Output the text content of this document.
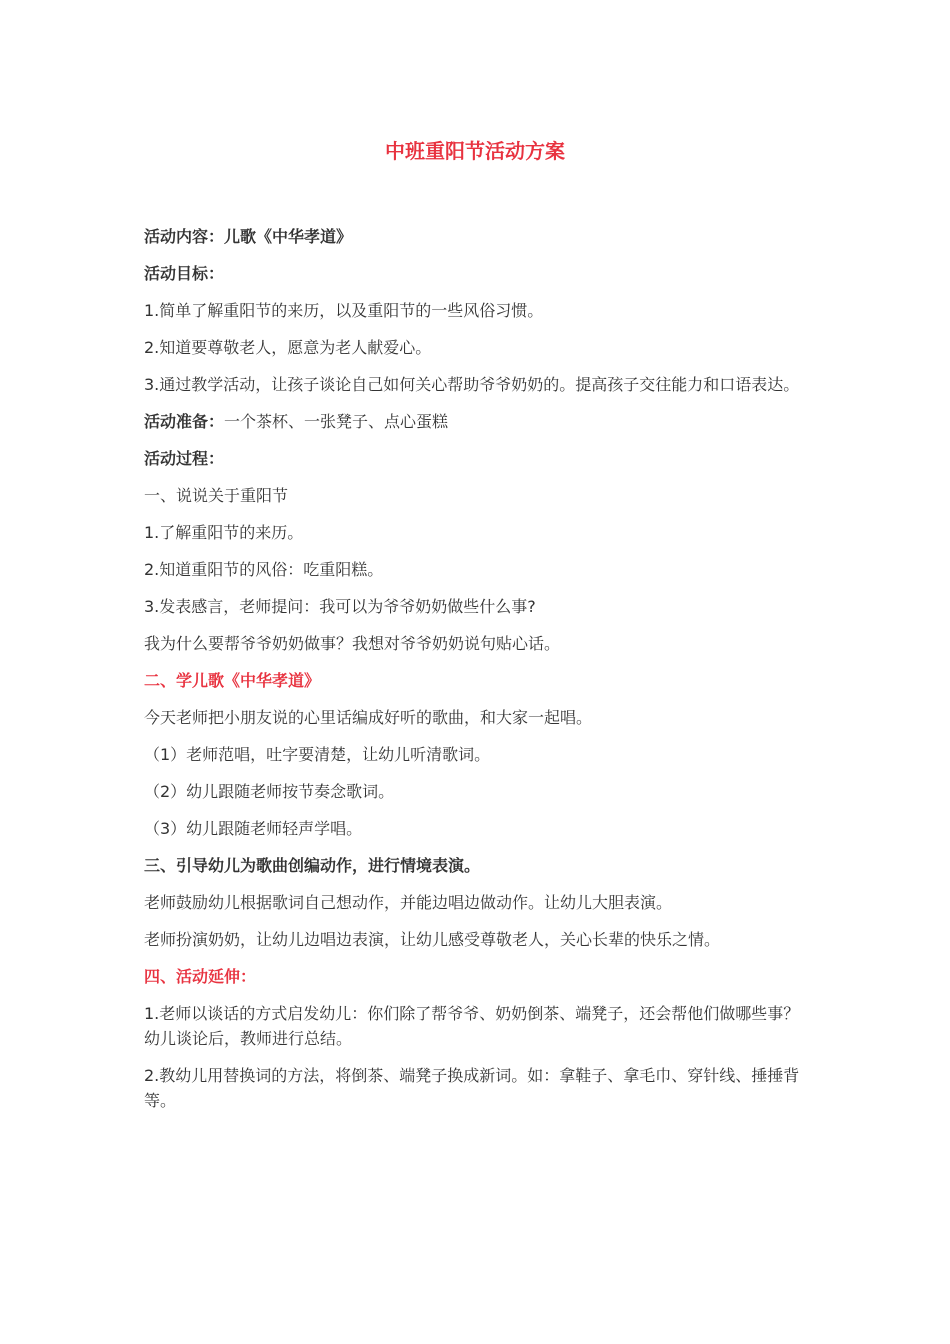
中班重阳节活动方案

活动内容：儿歌《中华孝道》

活动目标：

1.简单了解重阳节的来历，以及重阳节的一些风俗习惯。

2.知道要尊敬老人，愿意为老人献爱心。

3.通过教学活动，让孩子谈论自己如何关心帮助爷爷奶奶的。提高孩子交往能力和口语表达。

活动准备：一个茶杯、一张凳子、点心蛋糕

活动过程：

一、说说关于重阳节

1.了解重阳节的来历。

2.知道重阳节的风俗：吃重阳糕。

3.发表感言，老师提问：我可以为爷爷奶奶做些什么事?

我为什么要帮爷爷奶奶做事？我想对爷爷奶奶说句贴心话。

二、学儿歌《中华孝道》

今天老师把小朋友说的心里话编成好听的歌曲，和大家一起唱。

（1）老师范唱，吐字要清楚，让幼儿听清歌词。

（2）幼儿跟随老师按节奏念歌词。

（3）幼儿跟随老师轻声学唱。

三、引导幼儿为歌曲创编动作，进行情境表演。

老师鼓励幼儿根据歌词自己想动作，并能边唱边做动作。让幼儿大胆表演。

老师扮演奶奶，让幼儿边唱边表演，让幼儿感受尊敬老人，关心长辈的快乐之情。

四、活动延伸：

1.老师以谈话的方式启发幼儿：你们除了帮爷爷、奶奶倒茶、端凳子，还会帮他们做哪些事？幼儿谈论后，教师进行总结。

2.教幼儿用替换词的方法，将倒茶、端凳子换成新词。如：拿鞋子、拿毛巾、穿针线、捶捶背等。
